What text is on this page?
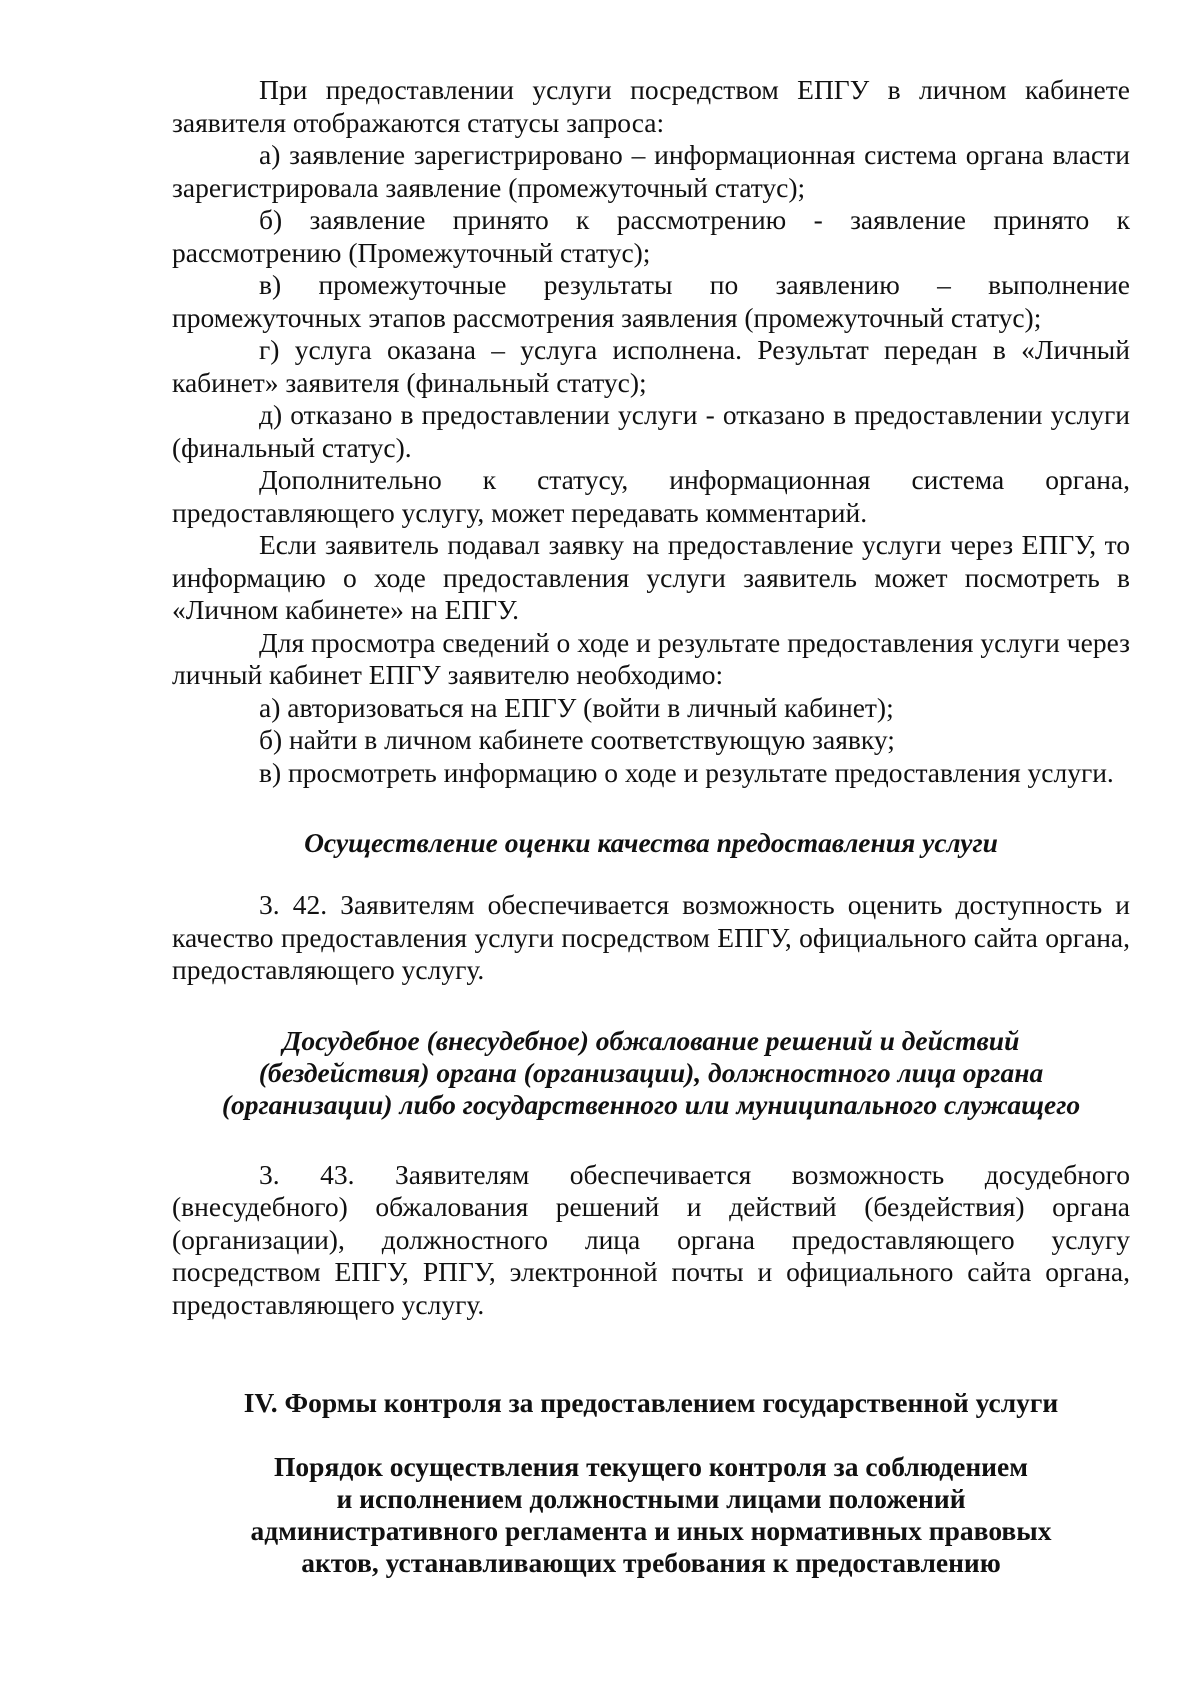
При предоставлении услуги посредством ЕПГУ в личном кабинете заявителя отображаются статусы запроса:

а) заявление зарегистрировано – информационная система органа власти зарегистрировала заявление (промежуточный статус);

б) заявление принято к рассмотрению - заявление принято к рассмотрению (Промежуточный статус);

в) промежуточные результаты по заявлению – выполнение промежуточных этапов рассмотрения заявления (промежуточный статус);

г) услуга оказана – услуга исполнена. Результат передан в «Личный кабинет» заявителя (финальный статус);

д) отказано в предоставлении услуги - отказано в предоставлении услуги (финальный статус).

Дополнительно к статусу, информационная система органа, предоставляющего услугу, может передавать комментарий.

Если заявитель подавал заявку на предоставление услуги через ЕПГУ, то информацию о ходе предоставления услуги заявитель может посмотреть в «Личном кабинете» на ЕПГУ.

Для просмотра сведений о ходе и результате предоставления услуги через личный кабинет ЕПГУ заявителю необходимо:

а) авторизоваться на ЕПГУ (войти в личный кабинет);

б) найти в личном кабинете соответствующую заявку;

в) просмотреть информацию о ходе и результате предоставления услуги.

Осуществление оценки качества предоставления услуги

3. 42. Заявителям обеспечивается возможность оценить доступность и качество предоставления услуги посредством ЕПГУ, официального сайта органа, предоставляющего услугу.

Досудебное (внесудебное) обжалование решений и действий

(бездействия) органа (организации), должностного лица органа

(организации) либо государственного или муниципального служащего

3. 43. Заявителям обеспечивается возможность досудебного (внесудебного) обжалования решений и действий (бездействия) органа (организации), должностного лица органа предоставляющего услугу посредством ЕПГУ, РПГУ, электронной почты и официального сайта органа, предоставляющего услугу.

IV. Формы контроля за предоставлением государственной услуги

Порядок осуществления текущего контроля за соблюдением

и исполнением должностными лицами положений

административного регламента и иных нормативных правовых

актов, устанавливающих требования к предоставлению
